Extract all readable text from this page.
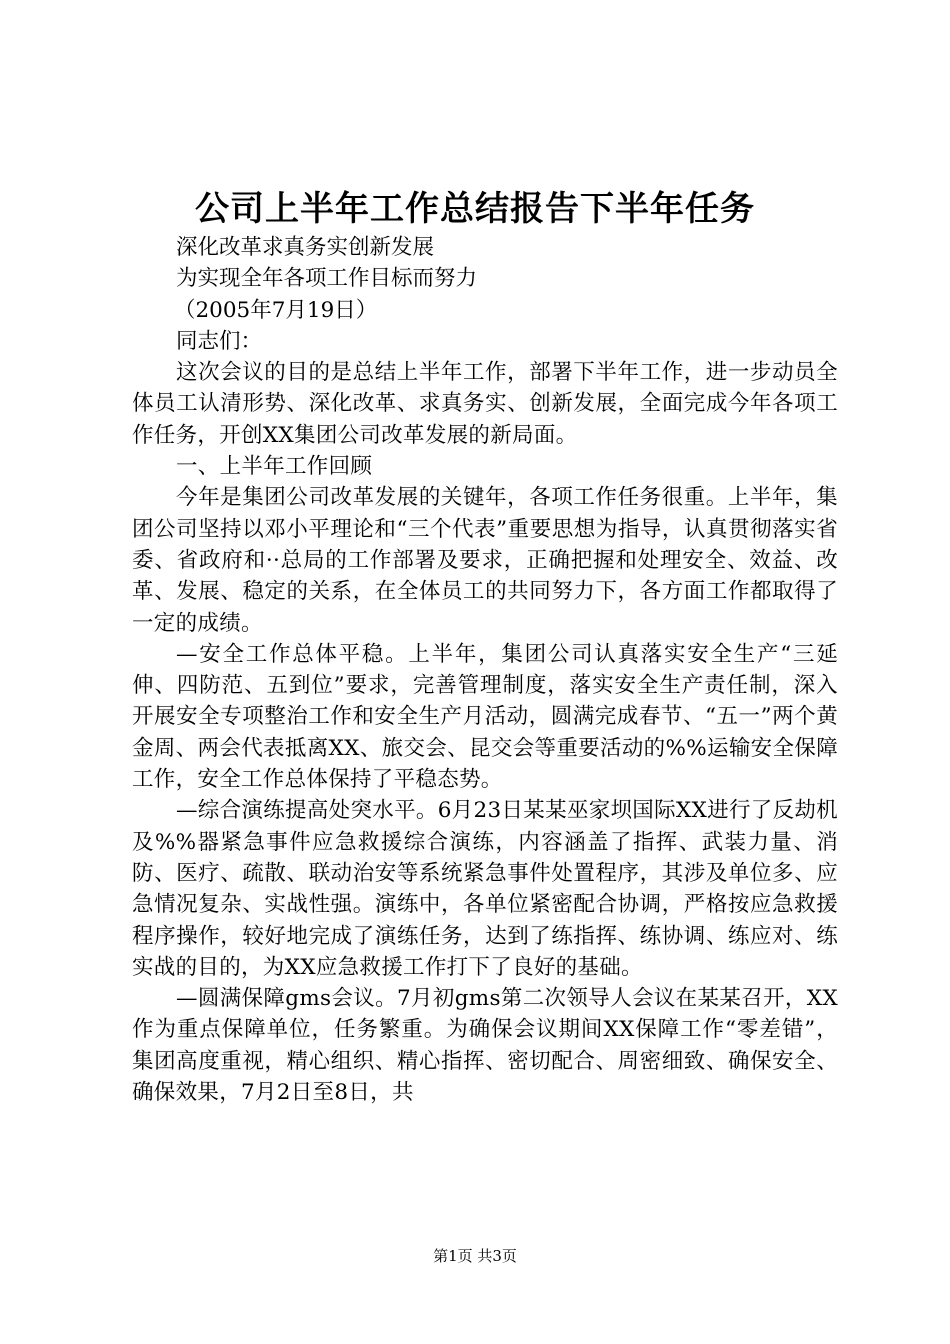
公司上半年工作总结报告下半年任务

深化改革求真务实创新发展

为实现全年各项工作目标而努力

（2005年7月19日）

同志们：

这次会议的目的是总结上半年工作，部署下半年工作，进一步动员全体员工认清形势、深化改革、求真务实、创新发展，全面完成今年各项工作任务，开创XX集团公司改革发展的新局面。

一、上半年工作回顾

今年是集团公司改革发展的关键年，各项工作任务很重。上半年，集团公司坚持以邓小平理论和“三个代表”重要思想为指导，认真贯彻落实省委、省政府和··总局的工作部署及要求，正确把握和处理安全、效益、改革、发展、稳定的关系，在全体员工的共同努力下，各方面工作都取得了一定的成绩。

—安全工作总体平稳。上半年，集团公司认真落实安全生产“三延伸、四防范、五到位”要求，完善管理制度，落实安全生产责任制，深入开展安全专项整治工作和安全生产月活动，圆满完成春节、“五一”两个黄金周、两会代表抵离XX、旅交会、昆交会等重要活动的%%运输安全保障工作，安全工作总体保持了平稳态势。

—综合演练提高处突水平。6月23日某某巫家坝国际XX进行了反劫机及%%器紧急事件应急救援综合演练，内容涵盖了指挥、武装力量、消防、医疗、疏散、联动治安等系统紧急事件处置程序，其涉及单位多、应急情况复杂、实战性强。演练中，各单位紧密配合协调，严格按应急救援程序操作，较好地完成了演练任务，达到了练指挥、练协调、练应对、练实战的目的，为XX应急救援工作打下了良好的基础。

—圆满保障gms会议。7月初gms第二次领导人会议在某某召开，XX作为重点保障单位，任务繁重。为确保会议期间XX保障工作“零差错”，集团高度重视，精心组织、精心指挥、密切配合、周密细致、确保安全、确保效果，7月2日至8日，共

第1页 共3页
